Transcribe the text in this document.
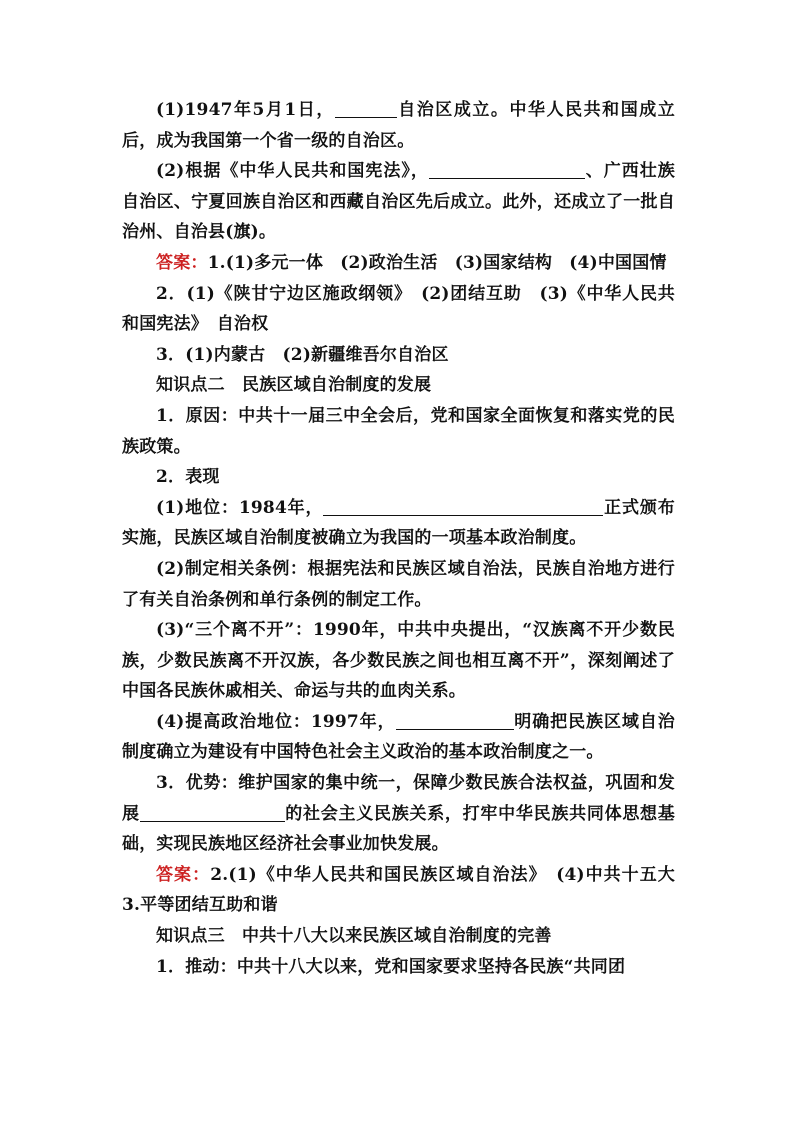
(1)1947年5月1日，	自治区成立。中华人民共和国成立后，成为我国第一个省一级的自治区。

(2)根据《中华人民共和国宪法》，	、广西壮族自治区、宁夏回族自治区和西藏自治区先后成立。此外，还成立了一批自治州、自治县(旗)。

答案：1.(1)多元一体　(2)政治生活　(3)国家结构　(4)中国国情

2．(1)《陕甘宁边区施政纲领》　(2)团结互助　(3)《中华人民共和国宪法》　自治权

3．(1)内蒙古　(2)新疆维吾尔自治区

知识点二　民族区域自治制度的发展

1．原因：中共十一届三中全会后，党和国家全面恢复和落实党的民族政策。

2．表现

(1)地位：1984年，	正式颁布实施，民族区域自治制度被确立为我国的一项基本政治制度。

(2)制定相关条例：根据宪法和民族区域自治法，民族自治地方进行了有关自治条例和单行条例的制定工作。

(3)“三个离不开”：1990年，中共中央提出，“汉族离不开少数民族，少数民族离不开汉族，各少数民族之间也相互离不开”，深刻阐述了中国各民族休戚相关、命运与共的血肉关系。

(4)提高政治地位：1997年，	明确把民族区域自治制度确立为建设有中国特色社会主义政治的基本政治制度之一。

3．优势：维护国家的集中统一，保障少数民族合法权益，巩固和发展	的社会主义民族关系，打牢中华民族共同体思想基础，实现民族地区经济社会事业加快发展。

答案：2.(1)《中华人民共和国民族区域自治法》　(4)中共十五大　3.平等团结互助和谐

知识点三　中共十八大以来民族区域自治制度的完善

1．推动：中共十八大以来，党和国家要求坚持各民族“共同团
